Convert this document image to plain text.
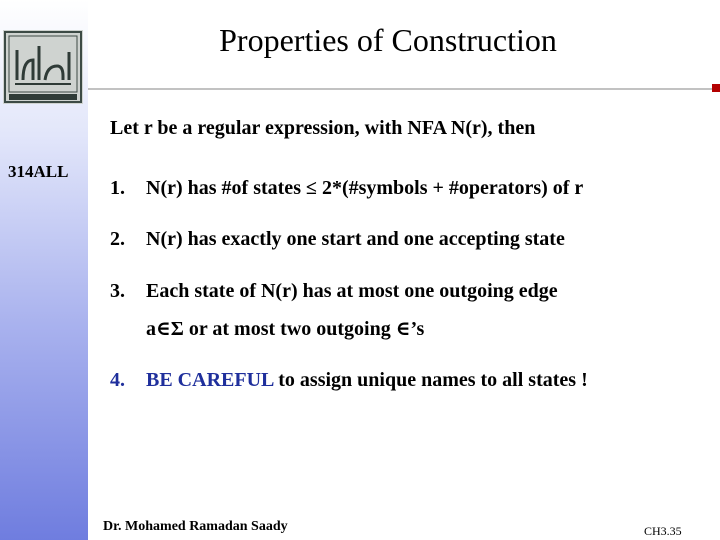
314ALL
Properties of Construction
Let r be a regular expression, with NFA N(r), then
1. N(r) has #of states ≤ 2*(#symbols + #operators) of r
2. N(r) has exactly one start and one accepting state
3. Each state of N(r) has at most one outgoing edge
a∈Σ or at most two outgoing ∈’s
4. BE CAREFUL to assign unique names to all states !
Dr. Mohamed Ramadan Saady	CH3.35
